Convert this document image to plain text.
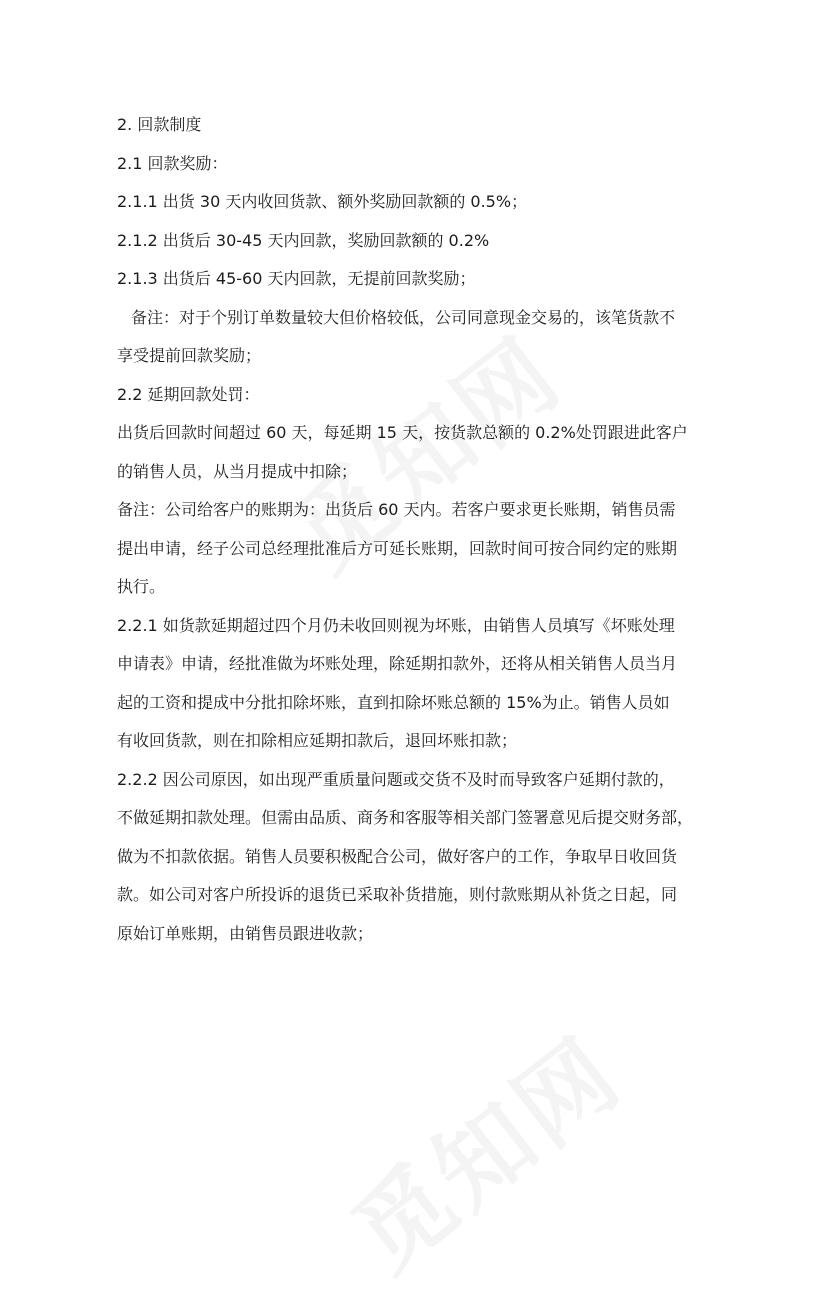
2. 回款制度
2.1 回款奖励：
2.1.1 出货 30 天内收回货款、额外奖励回款额的 0.5%；
2.1.2 出货后 30-45 天内回款，奖励回款额的 0.2%
2.1.3 出货后 45-60 天内回款，无提前回款奖励；
备注：对于个别订单数量较大但价格较低，公司同意现金交易的，该笔货款不
享受提前回款奖励；
2.2 延期回款处罚：
出货后回款时间超过 60 天，每延期 15 天，按货款总额的 0.2%处罚跟进此客户
的销售人员，从当月提成中扣除；
备注：公司给客户的账期为：出货后 60 天内。若客户要求更长账期，销售员需
提出申请，经子公司总经理批准后方可延长账期，回款时间可按合同约定的账期
执行。
2.2.1 如货款延期超过四个月仍未收回则视为坏账，由销售人员填写《坏账处理
申请表》申请，经批准做为坏账处理，除延期扣款外，还将从相关销售人员当月
起的工资和提成中分批扣除坏账，直到扣除坏账总额的 15%为止。销售人员如
有收回货款，则在扣除相应延期扣款后，退回坏账扣款；
2.2.2 因公司原因，如出现严重质量问题或交货不及时而导致客户延期付款的，
不做延期扣款处理。但需由品质、商务和客服等相关部门签署意见后提交财务部，
做为不扣款依据。销售人员要积极配合公司，做好客户的工作，争取早日收回货
款。如公司对客户所投诉的退货已采取补货措施，则付款账期从补货之日起，同
原始订单账期，由销售员跟进收款；
